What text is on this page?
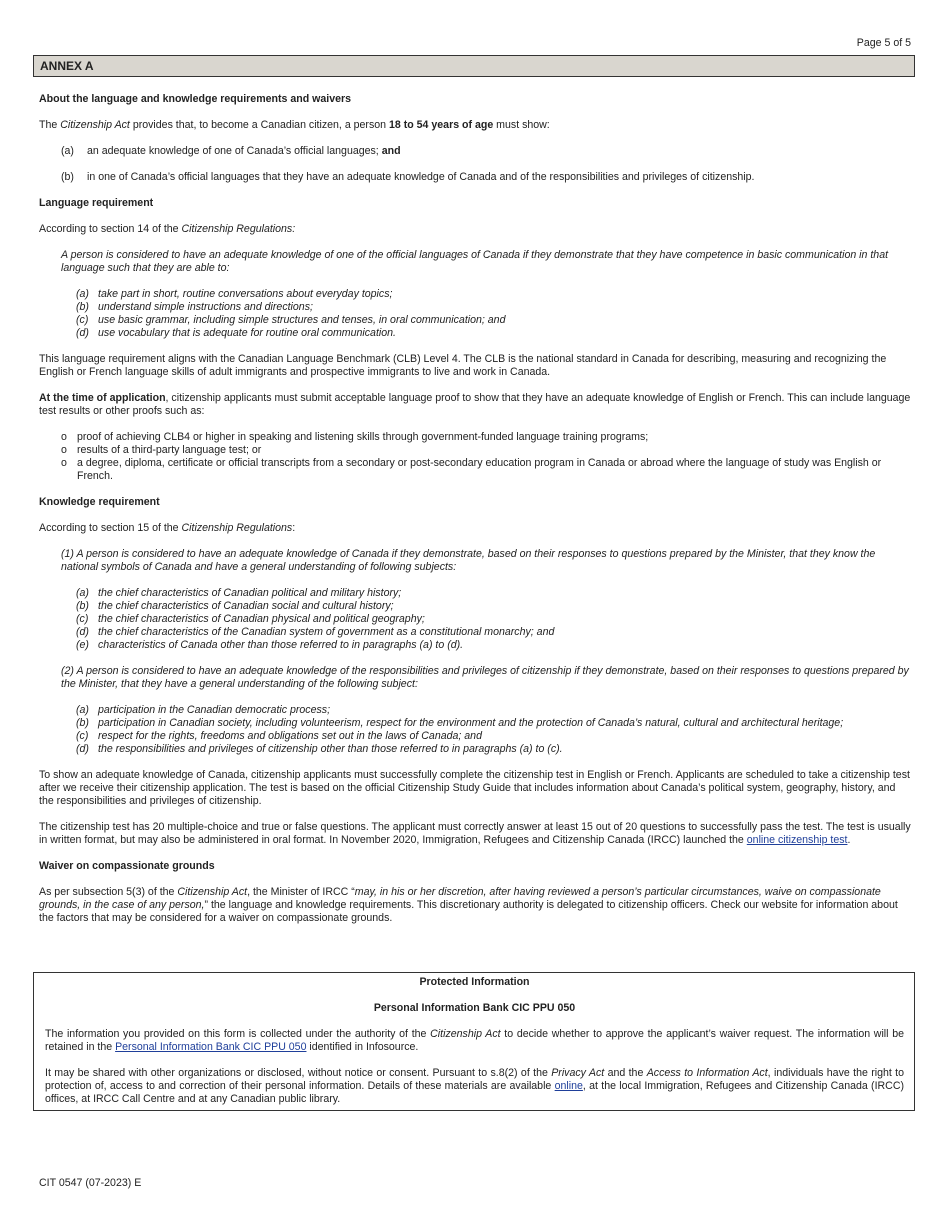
Page 5 of 5
ANNEX A

About the language and knowledge requirements and waivers

The Citizenship Act provides that, to become a Canadian citizen, a person 18 to 54 years of age must show:

(a)	an adequate knowledge of one of Canada’s official languages; and
(b)	in one of Canada’s official languages that they have an adequate knowledge of Canada and of the responsibilities and privileges of citizenship.

Language requirement

According to section 14 of the Citizenship Regulations:

A person is considered to have an adequate knowledge of one of the official languages of Canada if they demonstrate that they have competence in basic communication in that language such that they are able to:

(a) take part in short, routine conversations about everyday topics;
(b) understand simple instructions and directions;
(c) use basic grammar, including simple structures and tenses, in oral communication; and
(d) use vocabulary that is adequate for routine oral communication.

This language requirement aligns with the Canadian Language Benchmark (CLB) Level 4. The CLB is the national standard in Canada for describing, measuring and recognizing the English or French language skills of adult immigrants and prospective immigrants to live and work in Canada.

At the time of application, citizenship applicants must submit acceptable language proof to show that they have an adequate knowledge of English or French. This can include language test results or other proofs such as:

o proof of achieving CLB4 or higher in speaking and listening skills through government-funded language training programs;
o results of a third-party language test; or
o a degree, diploma, certificate or official transcripts from a secondary or post-secondary education program in Canada or abroad where the language of study was English or French.

Knowledge requirement

According to section 15 of the Citizenship Regulations:

(1) A person is considered to have an adequate knowledge of Canada if they demonstrate, based on their responses to questions prepared by the Minister, that they know the national symbols of Canada and have a general understanding of following subjects:

(a) the chief characteristics of Canadian political and military history;
(b) the chief characteristics of Canadian social and cultural history;
(c) the chief characteristics of Canadian physical and political geography;
(d) the chief characteristics of the Canadian system of government as a constitutional monarchy; and
(e) characteristics of Canada other than those referred to in paragraphs (a) to (d).

(2) A person is considered to have an adequate knowledge of the responsibilities and privileges of citizenship if they demonstrate, based on their responses to questions prepared by the Minister, that they have a general understanding of the following subject:

(a) participation in the Canadian democratic process;
(b) participation in Canadian society, including volunteerism, respect for the environment and the protection of Canada’s natural, cultural and architectural heritage;
(c) respect for the rights, freedoms and obligations set out in the laws of Canada; and
(d) the responsibilities and privileges of citizenship other than those referred to in paragraphs (a) to (c).

To show an adequate knowledge of Canada, citizenship applicants must successfully complete the citizenship test in English or French. Applicants are scheduled to take a citizenship test after we receive their citizenship application. The test is based on the official Citizenship Study Guide that includes information about Canada’s political system, geography, history, and the responsibilities and privileges of citizenship.

The citizenship test has 20 multiple-choice and true or false questions. The applicant must correctly answer at least 15 out of 20 questions to successfully pass the test. The test is usually in written format, but may also be administered in oral format. In November 2020, Immigration, Refugees and Citizenship Canada (IRCC) launched the online citizenship test.

Waiver on compassionate grounds

As per subsection 5(3) of the Citizenship Act, the Minister of IRCC “may, in his or her discretion, after having reviewed a person’s particular circumstances, waive on compassionate grounds, in the case of any person,” the language and knowledge requirements. This discretionary authority is delegated to citizenship officers. Check our website for information about the factors that may be considered for a waiver on compassionate grounds.

Protected Information

Personal Information Bank CIC PPU 050

The information you provided on this form is collected under the authority of the Citizenship Act to decide whether to approve the applicant’s waiver request. The information will be retained in the Personal Information Bank CIC PPU 050 identified in Infosource.

It may be shared with other organizations or disclosed, without notice or consent. Pursuant to s.8(2) of the Privacy Act and the Access to Information Act, individuals have the right to protection of, access to and correction of their personal information. Details of these materials are available online, at the local Immigration, Refugees and Citizenship Canada (IRCC) offices, at IRCC Call Centre and at any Canadian public library.

CIT 0547 (07-2023) E
